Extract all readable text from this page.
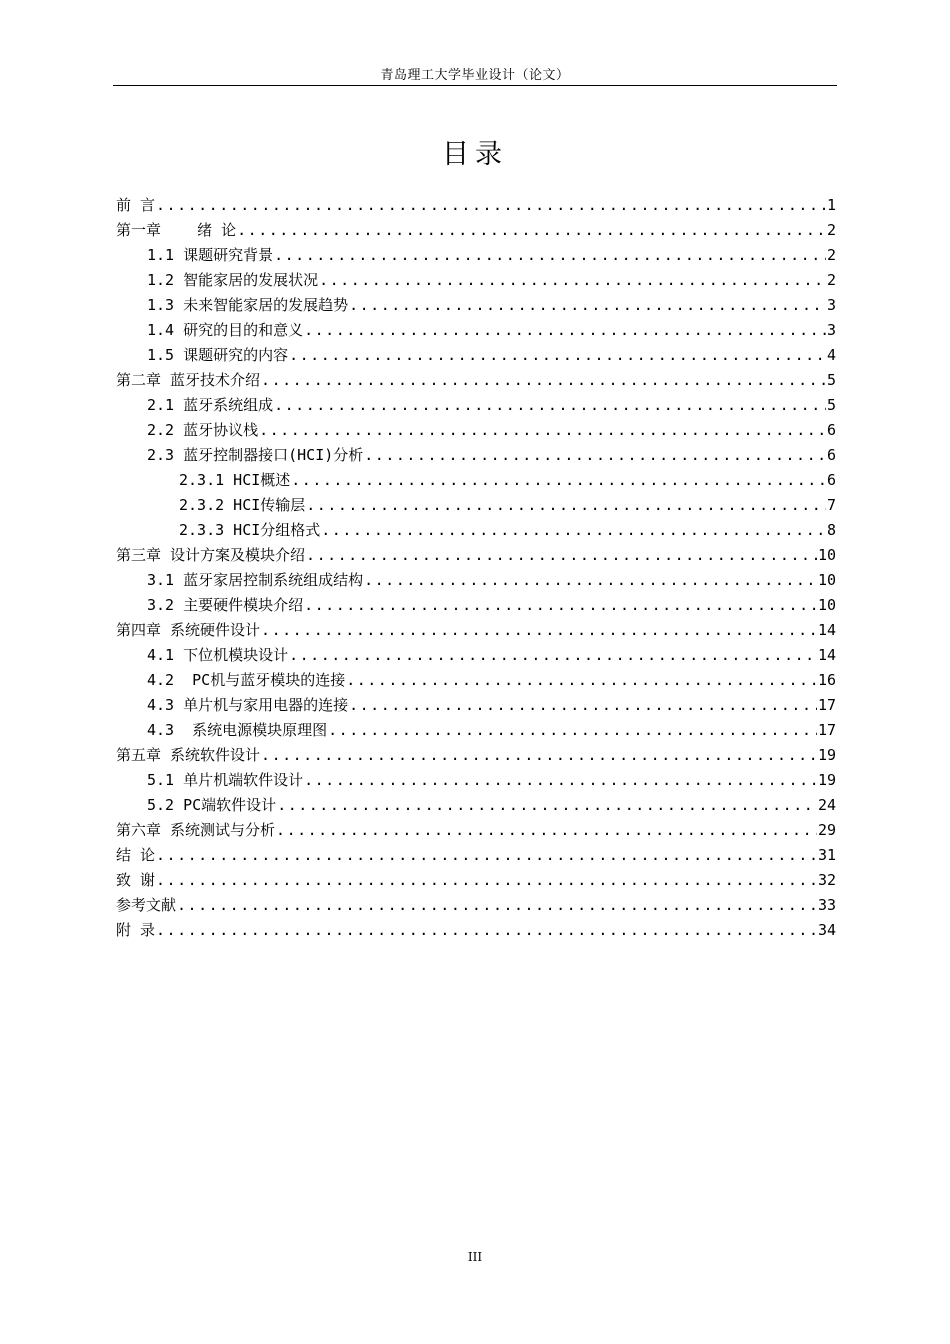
青岛理工大学毕业设计（论文）
目录
前 言 .....	1
第一章    绪 论 .....	2
1.1 课题研究背景 .....	2
1.2 智能家居的发展状况 .....	2
1.3 未来智能家居的发展趋势 .....	3
1.4 研究的目的和意义 .....	3
1.5 课题研究的内容 .....	4
第二章 蓝牙技术介绍 .....	5
2.1 蓝牙系统组成 .....	5
2.2 蓝牙协议栈 .....	6
2.3 蓝牙控制器接口(HCI)分析 .....	6
2.3.1 HCI概述 .....	6
2.3.2 HCI传输层 .....	7
2.3.3 HCI分组格式 .....	8
第三章 设计方案及模块介绍 .....	10
3.1 蓝牙家居控制系统组成结构 .....	10
3.2 主要硬件模块介绍 .....	10
第四章 系统硬件设计 .....	14
4.1 下位机模块设计 .....	14
4.2  PC机与蓝牙模块的连接 .....	16
4.3 单片机与家用电器的连接 .....	17
4.3  系统电源模块原理图 .....	17
第五章 系统软件设计 .....	19
5.1 单片机端软件设计 .....	19
5.2 PC端软件设计 .....	24
第六章 系统测试与分析 .....	29
结 论 .....	31
致 谢 .....	32
参考文献 .....	33
附 录 .....	34
III
